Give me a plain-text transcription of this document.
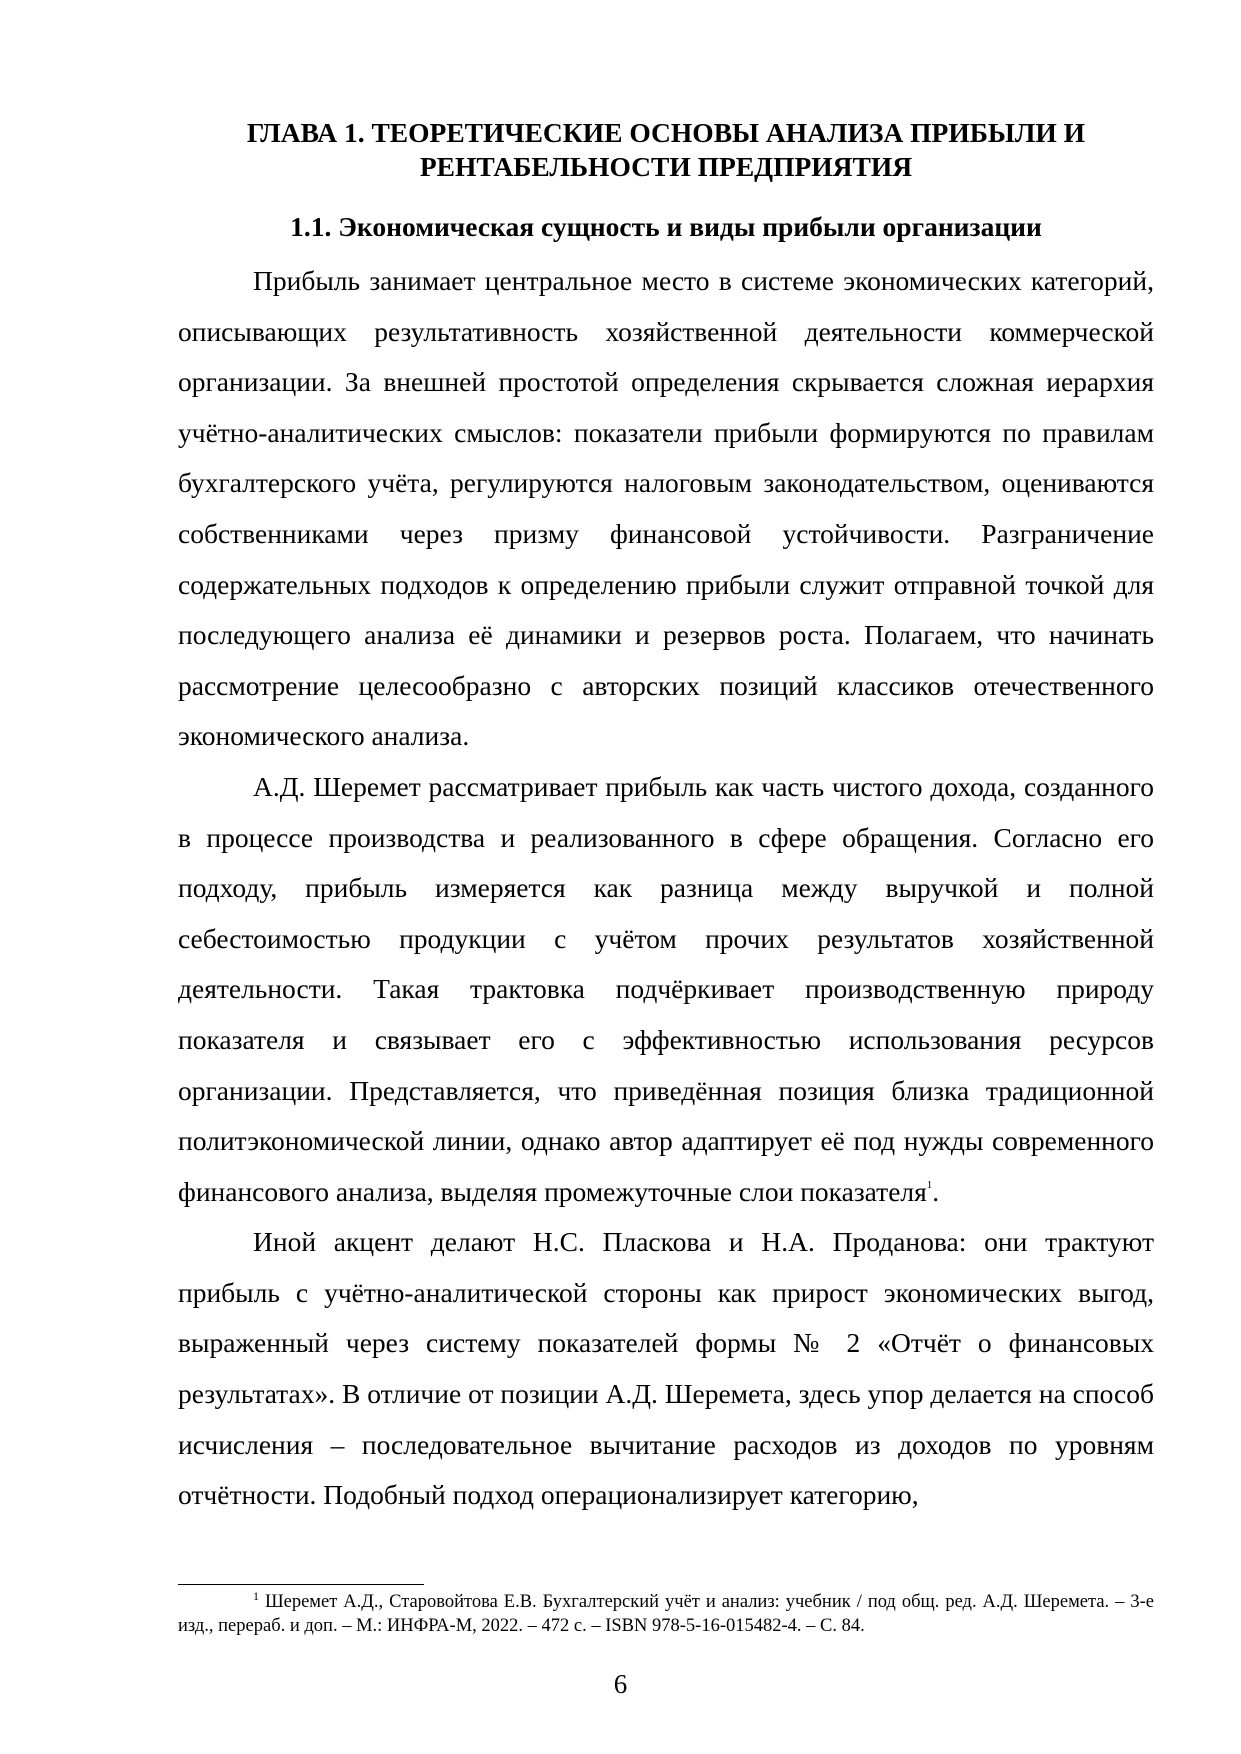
ГЛАВА 1. ТЕОРЕТИЧЕСКИЕ ОСНОВЫ АНАЛИЗА ПРИБЫЛИ И
РЕНТАБЕЛЬНОСТИ ПРЕДПРИЯТИЯ
1.1. Экономическая сущность и виды прибыли организации

Прибыль занимает центральное место в системе экономических категорий, описывающих результативность хозяйственной деятельности коммерческой организации. За внешней простотой определения скрывается сложная иерархия учётно-аналитических смыслов: показатели прибыли формируются по правилам бухгалтерского учёта, регулируются налоговым законодательством, оцениваются собственниками через призму финансовой устойчивости. Разграничение содержательных подходов к определению прибыли служит отправной точкой для последующего анализа её динамики и резервов роста. Полагаем, что начинать рассмотрение целесообразно с авторских позиций классиков отечественного экономического анализа.

А.Д. Шеремет рассматривает прибыль как часть чистого дохода, созданного в процессе производства и реализованного в сфере обращения. Согласно его подходу, прибыль измеряется как разница между выручкой и полной себестоимостью продукции с учётом прочих результатов хозяйственной деятельности. Такая трактовка подчёркивает производственную природу показателя и связывает его с эффективностью использования ресурсов организации. Представляется, что приведённая позиция близка традиционной политэкономической линии, однако автор адаптирует её под нужды современного финансового анализа, выделяя промежуточные слои показателя$^1$.

Иной акцент делают Н.С. Пласкова и Н.А. Проданова: они трактуют прибыль с учётно-аналитической стороны как прирост экономических выгод, выраженный через систему показателей формы № 2 «Отчёт о финансовых результатах». В отличие от позиции А.Д. Шеремета, здесь упор делается на способ исчисления – последовательное вычитание расходов из доходов по уровням отчётности. Подобный подход операционализирует категорию,

$^1$ Шеремет А.Д., Старовойтова Е.В. Бухгалтерский учёт и анализ: учебник / под общ. ред. А.Д. Шеремета. – 3-е изд., перераб. и доп. – М.: ИНФРА-М, 2022. – 472 с. – ISBN 978-5-16-015482-4. – С. 84.

6
